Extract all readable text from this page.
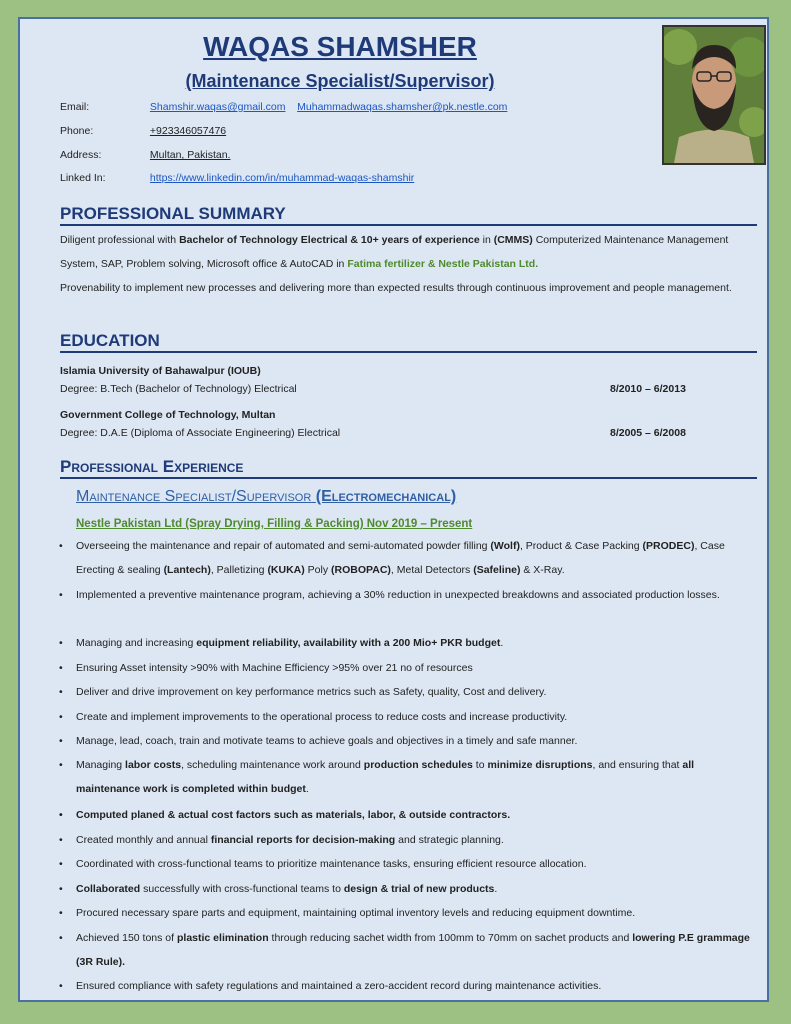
WAQAS SHAMSHER
(Maintenance Specialist/Supervisor)
Email:	Shamshir.waqas@gmail.com Muhammadwaqas.shamsher@pk.nestle.com
Phone:	+923346057476
Address:	Multan, Pakistan.
Linked In:	https://www.linkedin.com/in/muhammad-waqas-shamshir
PROFESSIONAL SUMMARY
Diligent professional with Bachelor of Technology Electrical & 10+ years of experience in (CMMS) Computerized Maintenance Management System, SAP, Problem solving, Microsoft office & AutoCAD in Fatima fertilizer & Nestle Pakistan Ltd.
Provenability to implement new processes and delivering more than expected results through continuous improvement and people management.
EDUCATION
Islamia University of Bahawalpur (IOUB)
Degree: B.Tech (Bachelor of Technology) Electrical	8/2010 – 6/2013
Government College of Technology, Multan
Degree: D.A.E (Diploma of Associate Engineering) Electrical	8/2005 – 6/2008
Professional Experience
Maintenance Specialist/Supervisor (Electromechanical)
Nestle Pakistan Ltd (Spray Drying, Filling & Packing) Nov 2019 – Present
• Overseeing the maintenance and repair of automated and semi-automated powder filling (Wolf), Product & Case Packing (PRODEC), Case Erecting & sealing (Lantech), Palletizing (KUKA) Poly (ROBOPAC), Metal Detectors (Safeline) & X-Ray.
• Implemented a preventive maintenance program, achieving a 30% reduction in unexpected breakdowns and associated production losses.
• Managing and increasing equipment reliability, availability with a 200 Mio+ PKR budget.
• Ensuring Asset intensity >90% with Machine Efficiency >95% over 21 no of resources
• Deliver and drive improvement on key performance metrics such as Safety, quality, Cost and delivery.
• Create and implement improvements to the operational process to reduce costs and increase productivity.
• Manage, lead, coach, train and motivate teams to achieve goals and objectives in a timely and safe manner.
• Managing labor costs, scheduling maintenance work around production schedules to minimize disruptions, and ensuring that all maintenance work is completed within budget.
• Computed planed & actual cost factors such as materials, labor, & outside contractors.
• Created monthly and annual financial reports for decision-making and strategic planning.
• Coordinated with cross-functional teams to prioritize maintenance tasks, ensuring efficient resource allocation.
• Collaborated successfully with cross-functional teams to design & trial of new products.
• Procured necessary spare parts and equipment, maintaining optimal inventory levels and reducing equipment downtime.
• Achieved 150 tons of plastic elimination through reducing sachet width from 100mm to 70mm on sachet products and lowering P.E grammage (3R Rule).
• Ensured compliance with safety regulations and maintained a zero-accident record during maintenance activities.
